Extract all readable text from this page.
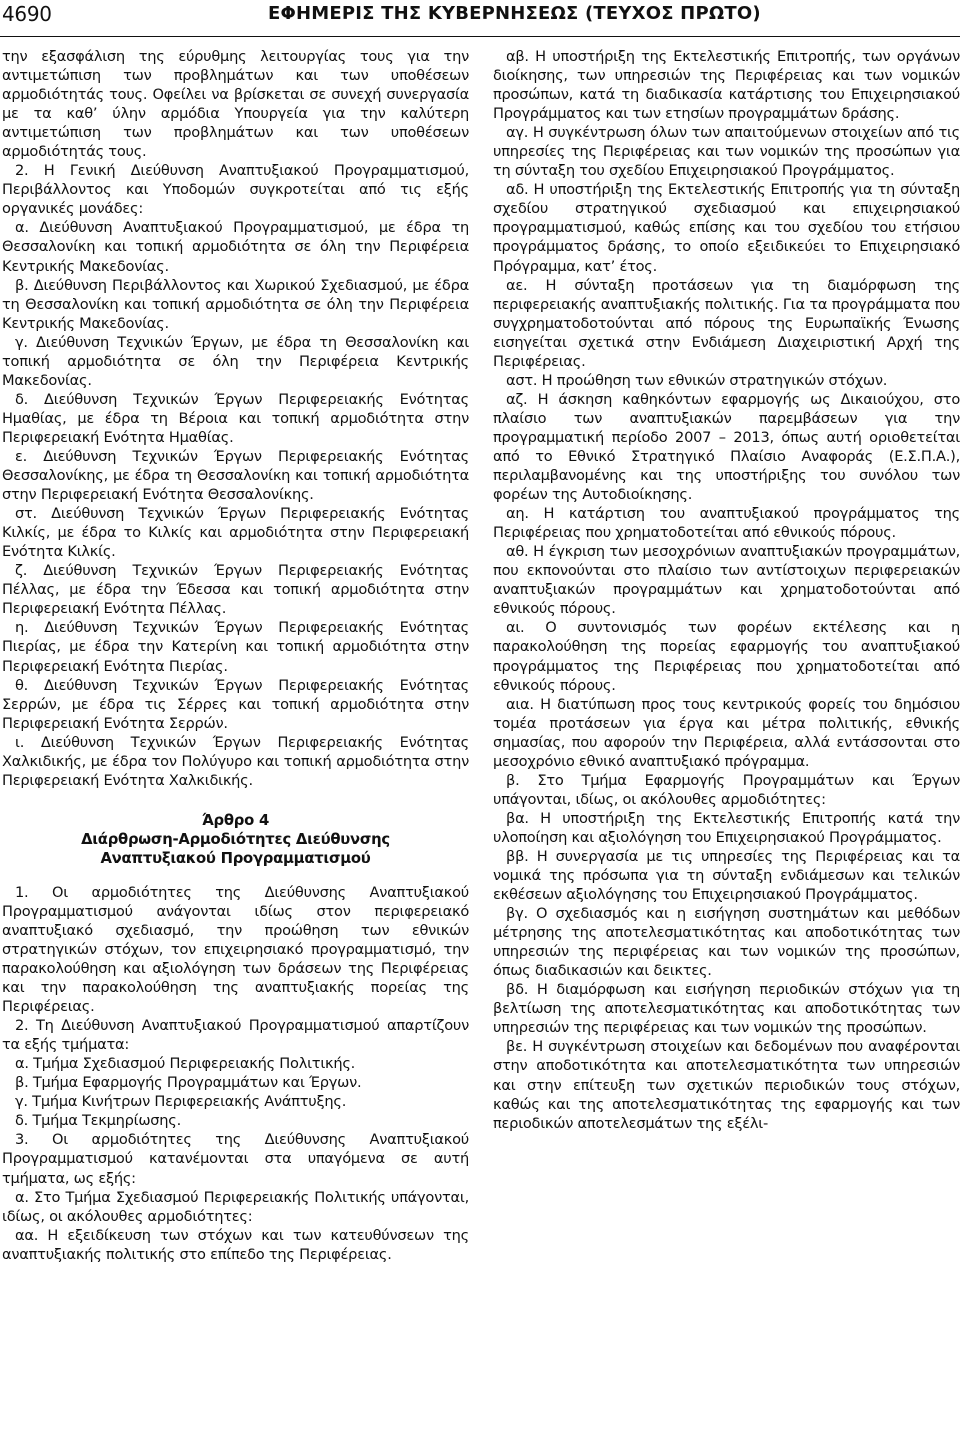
4690	ΕΦΗΜΕΡΙΣ ΤΗΣ ΚΥΒΕΡΝΗΣΕΩΣ (ΤΕΥΧΟΣ ΠΡΩΤΟ)

την εξασφάλιση της εύρυθμης λειτουργίας τους για την αντιμετώπιση των προβλημάτων και των υποθέσεων αρμοδιότητάς τους. Οφείλει να βρίσκεται σε συνεχή συνεργασία με τα καθ’ ύλην αρμόδια Υπουργεία για την καλύτερη αντιμετώπιση των προβλημάτων και των υποθέσεων αρμοδιότητάς τους.

2. Η Γενική Διεύθυνση Αναπτυξιακού Προγραμματισμού, Περιβάλλοντος και Υποδομών συγκροτείται από τις εξής οργανικές μονάδες:

α. Διεύθυνση Αναπτυξιακού Προγραμματισμού, με έδρα τη Θεσσαλονίκη και τοπική αρμοδιότητα σε όλη την Περιφέρεια Κεντρικής Μακεδονίας.

β. Διεύθυνση Περιβάλλοντος και Χωρικού Σχεδιασμού, με έδρα τη Θεσσαλονίκη και τοπική αρμοδιότητα σε όλη την Περιφέρεια Κεντρικής Μακεδονίας.

γ. Διεύθυνση Τεχνικών Έργων, με έδρα τη Θεσσαλονίκη και τοπική αρμοδιότητα σε όλη την Περιφέρεια Κεντρικής Μακεδονίας.

δ. Διεύθυνση Τεχνικών Έργων Περιφερειακής Ενότητας Ημαθίας, με έδρα τη Βέροια και τοπική αρμοδιότητα στην Περιφερειακή Ενότητα Ημαθίας.

ε. Διεύθυνση Τεχνικών Έργων Περιφερειακής Ενότητας Θεσσαλονίκης, με έδρα τη Θεσσαλονίκη και τοπική αρμοδιότητα στην Περιφερειακή Ενότητα Θεσσαλονίκης.

στ. Διεύθυνση Τεχνικών Έργων Περιφερειακής Ενότητας Κιλκίς, με έδρα το Κιλκίς και αρμοδιότητα στην Περιφερειακή Ενότητα Κιλκίς.

ζ. Διεύθυνση Τεχνικών Έργων Περιφερειακής Ενότητας Πέλλας, με έδρα την Έδεσσα και τοπική αρμοδιότητα στην Περιφερειακή Ενότητα Πέλλας.

η. Διεύθυνση Τεχνικών Έργων Περιφερειακής Ενότητας Πιερίας, με έδρα την Κατερίνη και τοπική αρμοδιότητα στην Περιφερειακή Ενότητα Πιερίας.

θ. Διεύθυνση Τεχνικών Έργων Περιφερειακής Ενότητας Σερρών, με έδρα τις Σέρρες και τοπική αρμοδιότητα στην Περιφερειακή Ενότητα Σερρών.

ι. Διεύθυνση Τεχνικών Έργων Περιφερειακής Ενότητας Χαλκιδικής, με έδρα τον Πολύγυρο και τοπική αρμοδιότητα στην Περιφερειακή Ενότητα Χαλκιδικής.

Άρθρο 4
Διάρθρωση-Αρμοδιότητες Διεύθυνσης
Αναπτυξιακού Προγραμματισμού

1. Οι αρμοδιότητες της Διεύθυνσης Αναπτυξιακού Προγραμματισμού ανάγονται ιδίως στον περιφερειακό αναπτυξιακό σχεδιασμό, την προώθηση των εθνικών στρατηγικών στόχων, τον επιχειρησιακό προγραμματισμό, την παρακολούθηση και αξιολόγηση των δράσεων της Περιφέρειας και την παρακολούθηση της αναπτυξιακής πορείας της Περιφέρειας.

2. Τη Διεύθυνση Αναπτυξιακού Προγραμματισμού απαρτίζουν τα εξής τμήματα:

α. Τμήμα Σχεδιασμού Περιφερειακής Πολιτικής.

β. Τμήμα Εφαρμογής Προγραμμάτων και Έργων.

γ. Τμήμα Κινήτρων Περιφερειακής Ανάπτυξης.

δ. Τμήμα Τεκμηρίωσης.

3. Οι αρμοδιότητες της Διεύθυνσης Αναπτυξιακού Προγραμματισμού κατανέμονται στα υπαγόμενα σε αυτή τμήματα, ως εξής:

α. Στο Τμήμα Σχεδιασμού Περιφερειακής Πολιτικής υπάγονται, ιδίως, οι ακόλουθες αρμοδιότητες:

αα. Η εξειδίκευση των στόχων και των κατευθύνσεων της αναπτυξιακής πολιτικής στο επίπεδο της Περιφέρειας.

αβ. Η υποστήριξη της Εκτελεστικής Επιτροπής, των οργάνων διοίκησης, των υπηρεσιών της Περιφέρειας και των νομικών προσώπων, κατά τη διαδικασία κατάρτισης του Επιχειρησιακού Προγράμματος και των ετησίων προγραμμάτων δράσης.

αγ. Η συγκέντρωση όλων των απαιτούμενων στοιχείων από τις υπηρεσίες της Περιφέρειας και των νομικών της προσώπων για τη σύνταξη του σχεδίου Επιχειρησιακού Προγράμματος.

αδ. Η υποστήριξη της Εκτελεστικής Επιτροπής για τη σύνταξη σχεδίου στρατηγικού σχεδιασμού και επιχειρησιακού προγραμματισμού, καθώς επίσης και του σχεδίου του ετήσιου προγράμματος δράσης, το οποίο εξειδικεύει το Επιχειρησιακό Πρόγραμμα, κατ’ έτος.

αε. Η σύνταξη προτάσεων για τη διαμόρφωση της περιφερειακής αναπτυξιακής πολιτικής. Για τα προγράμματα που συγχρηματοδοτούνται από πόρους της Ευρωπαϊκής Ένωσης εισηγείται σχετικά στην Ενδιάμεση Διαχειριστική Αρχή της Περιφέρειας.

αστ. Η προώθηση των εθνικών στρατηγικών στόχων.

αζ. Η άσκηση καθηκόντων εφαρμογής ως Δικαιούχου, στο πλαίσιο των αναπτυξιακών παρεμβάσεων για την προγραμματική περίοδο 2007 – 2013, όπως αυτή οριοθετείται από το Εθνικό Στρατηγικό Πλαίσιο Αναφοράς (Ε.Σ.Π.Α.), περιλαμβανομένης και της υποστήριξης του συνόλου των φορέων της Αυτοδιοίκησης.

αη. Η κατάρτιση του αναπτυξιακού προγράμματος της Περιφέρειας που χρηματοδοτείται από εθνικούς πόρους.

αθ. Η έγκριση των μεσοχρόνιων αναπτυξιακών προγραμμάτων, που εκπονούνται στο πλαίσιο των αντίστοιχων περιφερειακών αναπτυξιακών προγραμμάτων και χρηματοδοτούνται από εθνικούς πόρους.

αι. Ο συντονισμός των φορέων εκτέλεσης και η παρακολούθηση της πορείας εφαρμογής του αναπτυξιακού προγράμματος της Περιφέρειας που χρηματοδοτείται από εθνικούς πόρους.

αια. Η διατύπωση προς τους κεντρικούς φορείς του δημόσιου τομέα προτάσεων για έργα και μέτρα πολιτικής, εθνικής σημασίας, που αφορούν την Περιφέρεια, αλλά εντάσσονται στο μεσοχρόνιο εθνικό αναπτυξιακό πρόγραμμα.

β. Στο Τμήμα Εφαρμογής Προγραμμάτων και Έργων υπάγονται, ιδίως, οι ακόλουθες αρμοδιότητες:

βα. Η υποστήριξη της Εκτελεστικής Επιτροπής κατά την υλοποίηση και αξιολόγηση του Επιχειρησιακού Προγράμματος.

ββ. Η συνεργασία με τις υπηρεσίες της Περιφέρειας και τα νομικά της πρόσωπα για τη σύνταξη ενδιάμεσων και τελικών εκθέσεων αξιολόγησης του Επιχειρησιακού Προγράμματος.

βγ. Ο σχεδιασμός και η εισήγηση συστημάτων και μεθόδων μέτρησης της αποτελεσματικότητας και αποδοτικότητας των υπηρεσιών της περιφέρειας και των νομικών της προσώπων, όπως διαδικασιών και δεικτες.

βδ. Η διαμόρφωση και εισήγηση περιοδικών στόχων για τη βελτίωση της αποτελεσματικότητας και αποδοτικότητας των υπηρεσιών της περιφέρειας και των νομικών της προσώπων.

βε. Η συγκέντρωση στοιχείων και δεδομένων που αναφέρονται στην αποδοτικότητα και αποτελεσματικότητα των υπηρεσιών και στην επίτευξη των σχετικών περιοδικών τους στόχων, καθώς και της αποτελεσματικότητας της εφαρμογής και των περιοδικών αποτελεσμάτων της εξέλι-
